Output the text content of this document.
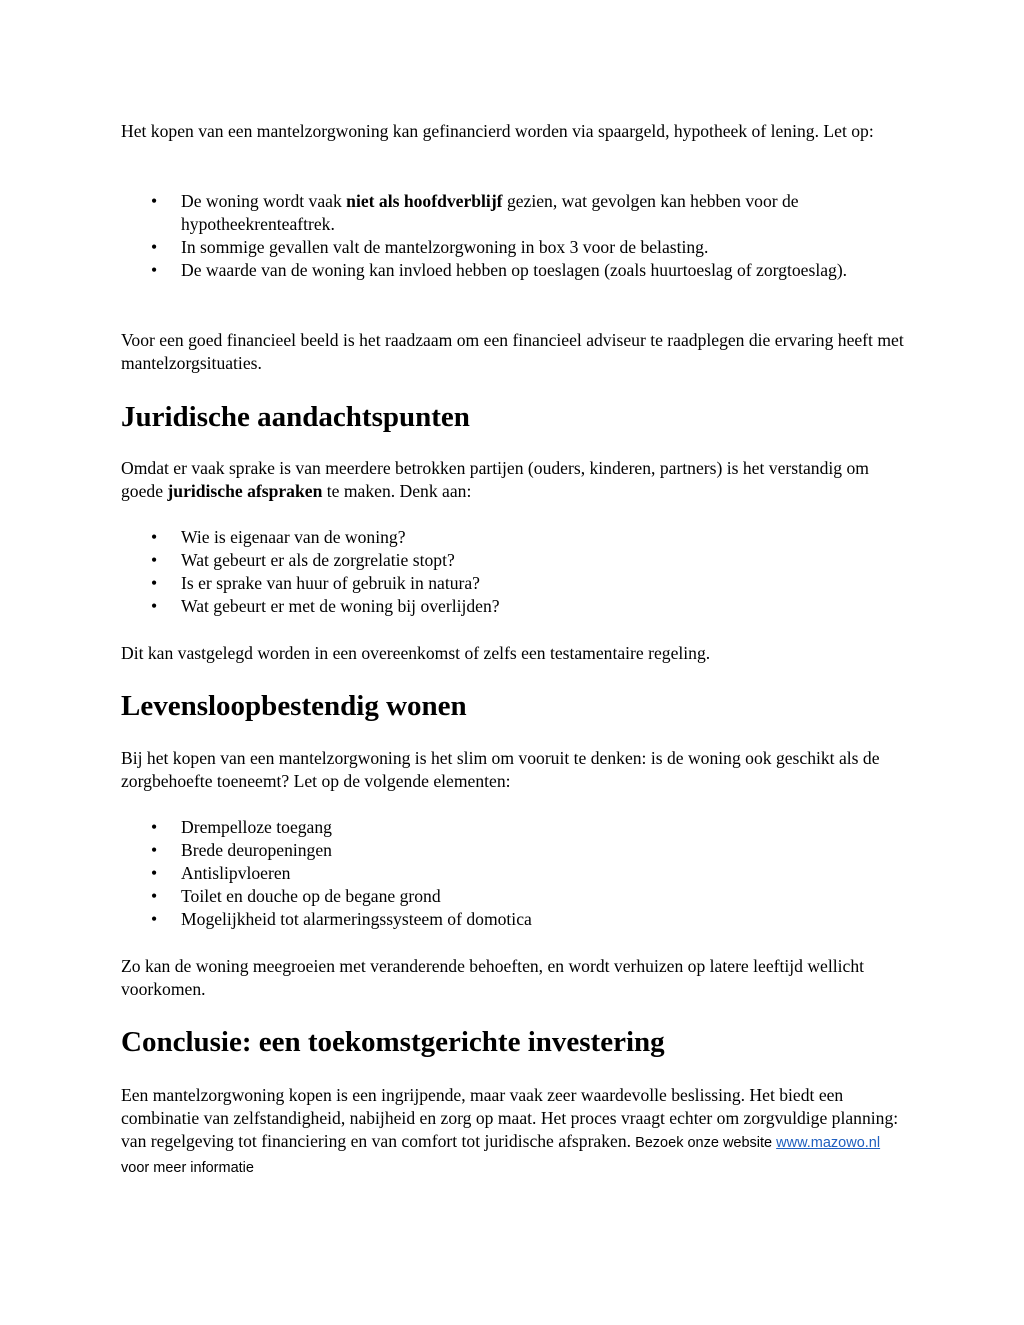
Het kopen van een mantelzorgwoning kan gefinancierd worden via spaargeld, hypotheek of lening. Let op:

• De woning wordt vaak niet als hoofdverblijf gezien, wat gevolgen kan hebben voor de hypotheekrenteaftrek.
• In sommige gevallen valt de mantelzorgwoning in box 3 voor de belasting.
• De waarde van de woning kan invloed hebben op toeslagen (zoals huurtoeslag of zorgtoeslag).

Voor een goed financieel beeld is het raadzaam om een financieel adviseur te raadplegen die ervaring heeft met mantelzorgsituaties.

Juridische aandachtspunten

Omdat er vaak sprake is van meerdere betrokken partijen (ouders, kinderen, partners) is het verstandig om goede juridische afspraken te maken. Denk aan:

• Wie is eigenaar van de woning?
• Wat gebeurt er als de zorgrelatie stopt?
• Is er sprake van huur of gebruik in natura?
• Wat gebeurt er met de woning bij overlijden?

Dit kan vastgelegd worden in een overeenkomst of zelfs een testamentaire regeling.

Levensloopbestendig wonen

Bij het kopen van een mantelzorgwoning is het slim om vooruit te denken: is de woning ook geschikt als de zorgbehoefte toeneemt? Let op de volgende elementen:

• Drempelloze toegang
• Brede deuropeningen
• Antislipvloeren
• Toilet en douche op de begane grond
• Mogelijkheid tot alarmeringssysteem of domotica

Zo kan de woning meegroeien met veranderende behoeften, en wordt verhuizen op latere leeftijd wellicht voorkomen.

Conclusie: een toekomstgerichte investering

Een mantelzorgwoning kopen is een ingrijpende, maar vaak zeer waardevolle beslissing. Het biedt een combinatie van zelfstandigheid, nabijheid en zorg op maat. Het proces vraagt echter om zorgvuldige planning: van regelgeving tot financiering en van comfort tot juridische afspraken. Bezoek onze website www.mazowo.nl voor meer informatie
